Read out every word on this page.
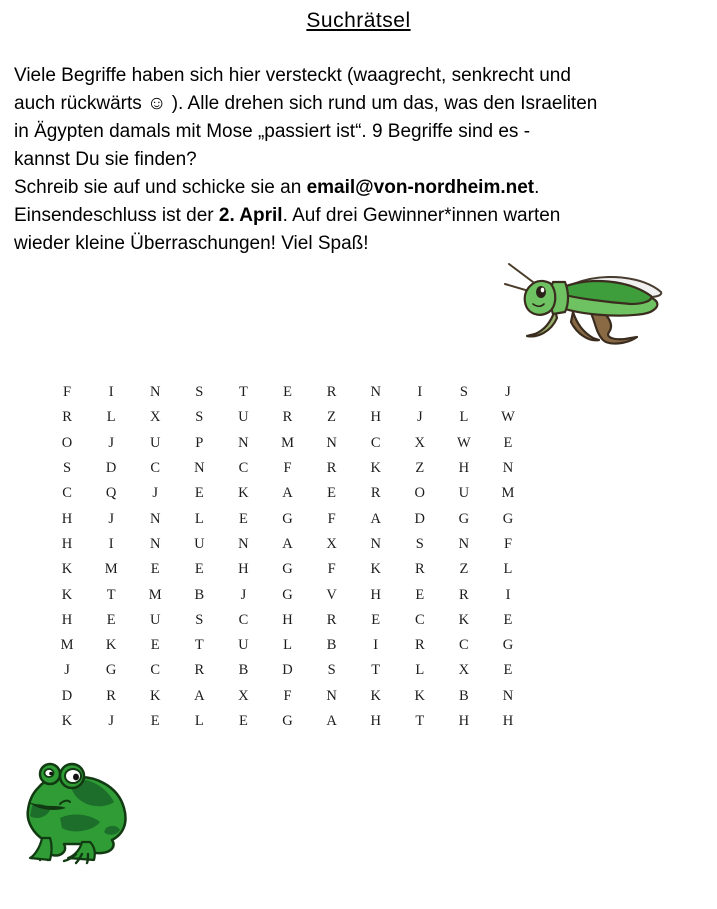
Suchrätsel
Viele Begriffe haben sich hier versteckt (waagrecht, senkrecht und
auch rückwärts ☺ ). Alle drehen sich rund um das, was den Israeliten
in Ägypten damals mit Mose „passiert ist“. 9 Begriffe sind es -
kannst Du sie finden?
Schreib sie auf und schicke sie an email@von-nordheim.net.
Einsendeschluss ist der 2. April. Auf drei Gewinner*innen warten
wieder kleine Überraschungen! Viel Spaß!
F	I	N	S	T	E	R	N	I	S	J
R	L	X	S	U	R	Z	H	J	L	W
O	J	U	P	N	M	N	C	X	W	E
S	D	C	N	C	F	R	K	Z	H	N
C	Q	J	E	K	A	E	R	O	U	M
H	J	N	L	E	G	F	A	D	G	G
H	I	N	U	N	A	X	N	S	N	F
K	M	E	E	H	G	F	K	R	Z	L
K	T	M	B	J	G	V	H	E	R	I
H	E	U	S	C	H	R	E	C	K	E
M	K	E	T	U	L	B	I	R	C	G
J	G	C	R	B	D	S	T	L	X	E
D	R	K	A	X	F	N	K	K	B	N
K	J	E	L	E	G	A	H	T	H	H
